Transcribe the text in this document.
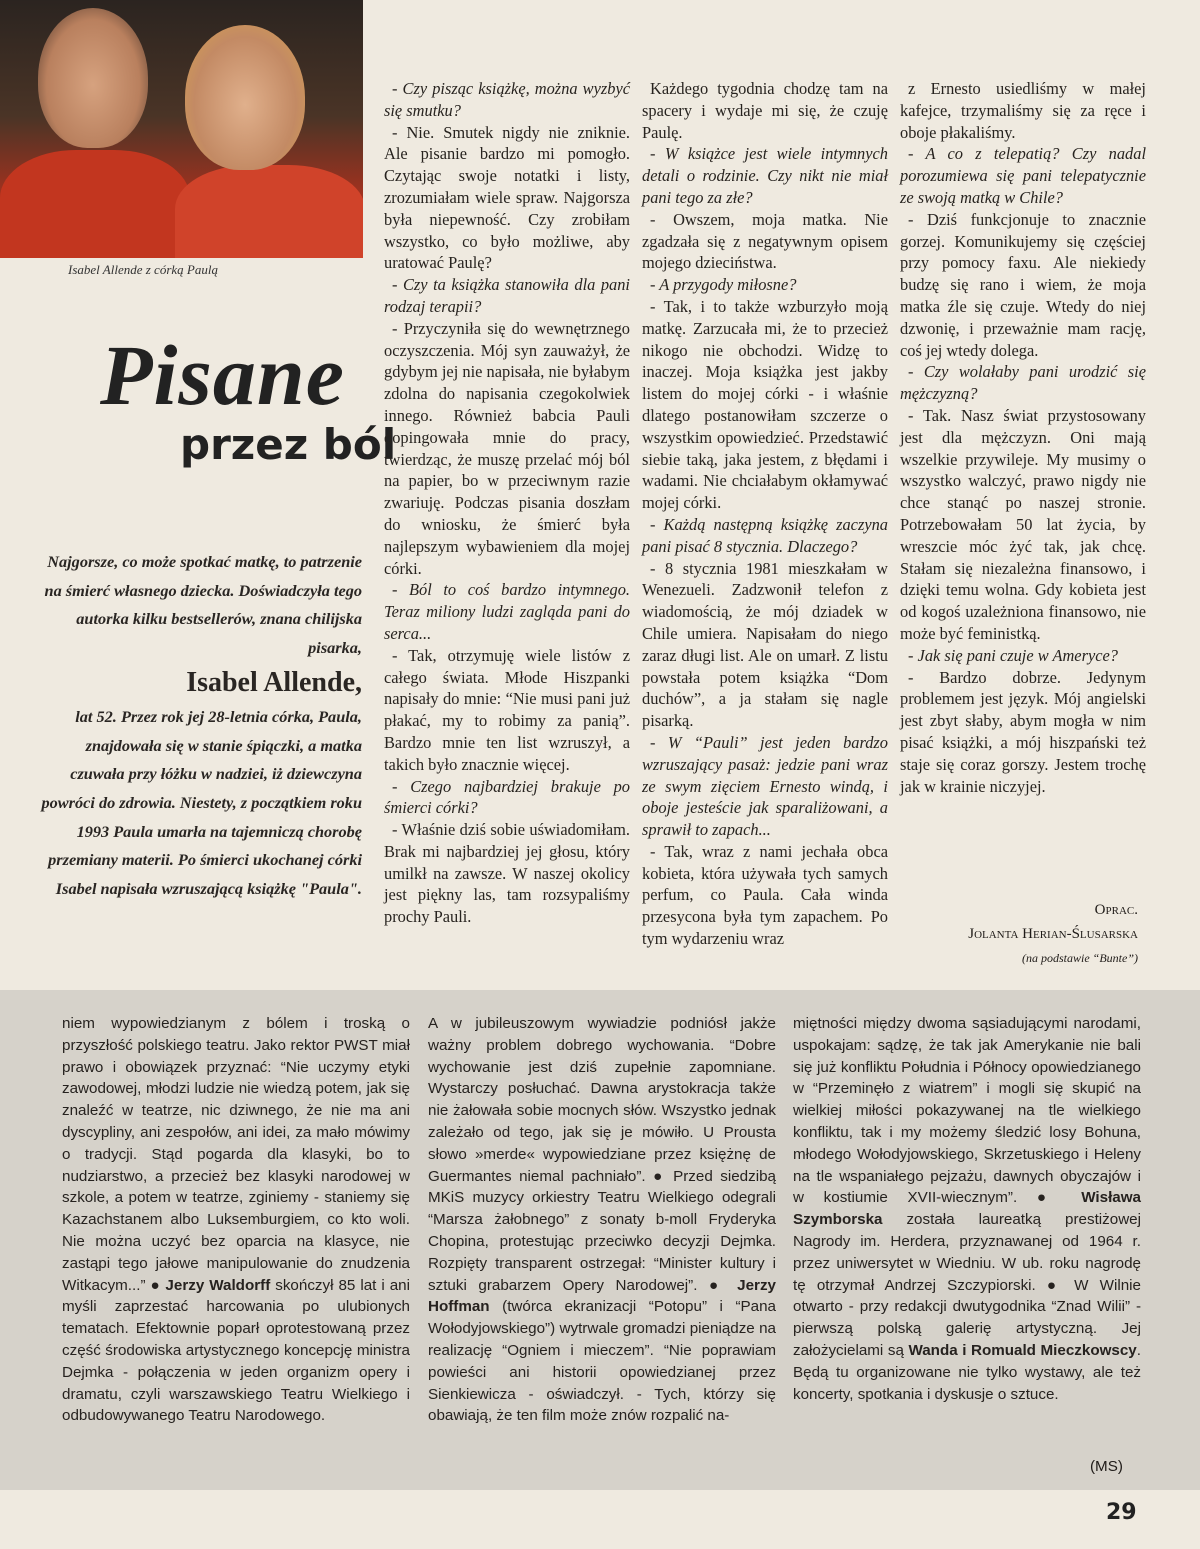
Isabel Allende z córką Paulą
Pisane
przez ból
Najgorsze, co może spotkać matkę, to patrzenie na śmierć własnego dziecka. Doświadczyła tego autorka kilku bestsellerów, znana chilijska pisarka,
Isabel Allende,
lat 52. Przez rok jej 28-letnia córka, Paula, znajdowała się w stanie śpiączki, a matka czuwała przy łóżku w nadziei, iż dziewczyna powróci do zdrowia. Niestety, z początkiem roku 1993 Paula umarła na tajemniczą chorobę przemiany materii. Po śmierci ukochanej córki Isabel napisała wzruszającą książkę "Paula".

- Czy pisząc książkę, można wyzbyć się smutku?

- Nie. Smutek nigdy nie zniknie. Ale pisanie bardzo mi pomogło. Czytając swoje notatki i listy, zrozumiałam wiele spraw. Najgorsza była niepewność. Czy zrobiłam wszystko, co było możliwe, aby uratować Paulę?

- Czy ta książka stanowiła dla pani rodzaj terapii?

- Przyczyniła się do wewnętrznego oczyszczenia. Mój syn zauważył, że gdybym jej nie napisała, nie byłabym zdolna do napisania czegokolwiek innego. Również babcia Pauli dopingowała mnie do pracy, twierdząc, że muszę przelać mój ból na papier, bo w przeciwnym razie zwariuję. Podczas pisania doszłam do wniosku, że śmierć była najlepszym wybawieniem dla mojej córki.

- Ból to coś bardzo intymnego. Teraz miliony ludzi zagląda pani do serca...

- Tak, otrzymuję wiele listów z całego świata. Młode Hiszpanki napisały do mnie: “Nie musi pani już płakać, my to robimy za panią”. Bardzo mnie ten list wzruszył, a takich było znacznie więcej.

- Czego najbardziej brakuje po śmierci córki?

- Właśnie dziś sobie uświadomiłam. Brak mi najbardziej jej głosu, który umilkł na zawsze. W naszej okolicy jest piękny las, tam rozsypaliśmy prochy Pauli.

Każdego tygodnia chodzę tam na spacery i wydaje mi się, że czuję Paulę.

- W książce jest wiele intymnych detali o rodzinie. Czy nikt nie miał pani tego za złe?

- Owszem, moja matka. Nie zgadzała się z negatywnym opisem mojego dzieciństwa.

- A przygody miłosne?

- Tak, i to także wzburzyło moją matkę. Zarzucała mi, że to przecież nikogo nie obchodzi. Widzę to inaczej. Moja książka jest jakby listem do mojej córki - i właśnie dlatego postanowiłam szczerze o wszystkim opowiedzieć. Przedstawić siebie taką, jaka jestem, z błędami i wadami. Nie chciałabym okłamywać mojej córki.

- Każdą następną książkę zaczyna pani pisać 8 stycznia. Dlaczego?

- 8 stycznia 1981 mieszkałam w Wenezueli. Zadzwonił telefon z wiadomością, że mój dziadek w Chile umiera. Napisałam do niego zaraz długi list. Ale on umarł. Z listu powstała potem książka “Dom duchów”, a ja stałam się nagle pisarką.

- W “Pauli” jest jeden bardzo wzruszający pasaż: jedzie pani wraz ze swym zięciem Ernesto windą, i oboje jesteście jak sparaliżowani, a sprawił to zapach...

- Tak, wraz z nami jechała obca kobieta, która używała tych samych perfum, co Paula. Cała winda przesycona była tym zapachem. Po tym wydarzeniu wraz

z Ernesto usiedliśmy w małej kafejce, trzymaliśmy się za ręce i oboje płakaliśmy.

- A co z telepatią? Czy nadal porozumiewa się pani telepatycznie ze swoją matką w Chile?

- Dziś funkcjonuje to znacznie gorzej. Komunikujemy się częściej przy pomocy faxu. Ale niekiedy budzę się rano i wiem, że moja matka źle się czuje. Wtedy do niej dzwonię, i przeważnie mam rację, coś jej wtedy dolega.

- Czy wolałaby pani urodzić się mężczyzną?

- Tak. Nasz świat przystosowany jest dla mężczyzn. Oni mają wszelkie przywileje. My musimy o wszystko walczyć, prawo nigdy nie chce stanąć po naszej stronie. Potrzebowałam 50 lat życia, by wreszcie móc żyć tak, jak chcę. Stałam się niezależna finansowo, i dzięki temu wolna. Gdy kobieta jest od kogoś uzależniona finansowo, nie może być feministką.

- Jak się pani czuje w Ameryce?

- Bardzo dobrze. Jedynym problemem jest język. Mój angielski jest zbyt słaby, abym mogła w nim pisać książki, a mój hiszpański też staje się coraz gorszy. Jestem trochę jak w krainie niczyjej.

Oprac.
Jolanta Herian-Ślusarska
(na podstawie “Bunte”)
niem wypowiedzianym z bólem i troską o przyszłość polskiego teatru. Jako rektor PWST miał prawo i obowiązek przyznać: “Nie uczymy etyki zawodowej, młodzi ludzie nie wiedzą potem, jak się znaleźć w teatrze, nic dziwnego, że nie ma ani dyscypliny, ani zespołów, ani idei, za mało mówimy o tradycji. Stąd pogarda dla klasyki, bo to nudziarstwo, a przecież bez klasyki narodowej w szkole, a potem w teatrze, zginiemy - staniemy się Kazachstanem albo Luksemburgiem, co kto woli. Nie można uczyć bez oparcia na klasyce, nie zastąpi tego jałowe manipulowanie do znudzenia Witkacym...” ● Jerzy Waldorff skończył 85 lat i ani myśli zaprzestać harcowania po ulubionych tematach. Efektownie poparł oprotestowaną przez część środowiska artystycznego koncepcję ministra Dejmka - połączenia w jeden organizm opery i dramatu, czyli warszawskiego Teatru Wielkiego i odbudowywanego Teatru Narodowego.
A w jubileuszowym wywiadzie podniósł jakże ważny problem dobrego wychowania. “Dobre wychowanie jest dziś zupełnie zapomniane. Wystarczy posłuchać. Dawna arystokracja także nie żałowała sobie mocnych słów. Wszystko jednak zależało od tego, jak się je mówiło. U Prousta słowo »merde« wypowiedziane przez księżnę de Guermantes niemal pachniało”. ● Przed siedzibą MKiS muzycy orkiestry Teatru Wielkiego odegrali “Marsza żałobnego” z sonaty b-moll Fryderyka Chopina, protestując przeciwko decyzji Dejmka. Rozpięty transparent ostrzegał: “Minister kultury i sztuki grabarzem Opery Narodowej”. ● Jerzy Hoffman (twórca ekranizacji “Potopu” i “Pana Wołodyjowskiego”) wytrwale gromadzi pieniądze na realizację “Ogniem i mieczem”. “Nie poprawiam powieści ani historii opowiedzianej przez Sienkiewicza - oświadczył. - Tych, którzy się obawiają, że ten film może znów rozpalić na-
miętności między dwoma sąsiadującymi narodami, uspokajam: sądzę, że tak jak Amerykanie nie bali się już konfliktu Południa i Północy opowiedzianego w “Przeminęło z wiatrem” i mogli się skupić na wielkiej miłości pokazywanej na tle wielkiego konfliktu, tak i my możemy śledzić losy Bohuna, młodego Wołodyjowskiego, Skrzetuskiego i Heleny na tle wspaniałego pejzażu, dawnych obyczajów i w kostiumie XVII-wiecznym”. ● Wisława Szymborska została laureatką prestiżowej Nagrody im. Herdera, przyznawanej od 1964 r. przez uniwersytet w Wiedniu. W ub. roku nagrodę tę otrzymał Andrzej Szczypiorski. ● W Wilnie otwarto - przy redakcji dwutygodnika “Znad Wilii” - pierwszą polską galerię artystyczną. Jej założycielami są Wanda i Romuald Mieczkowscy. Będą tu organizowane nie tylko wystawy, ale też koncerty, spotkania i dyskusje o sztuce.
(MS)
29
